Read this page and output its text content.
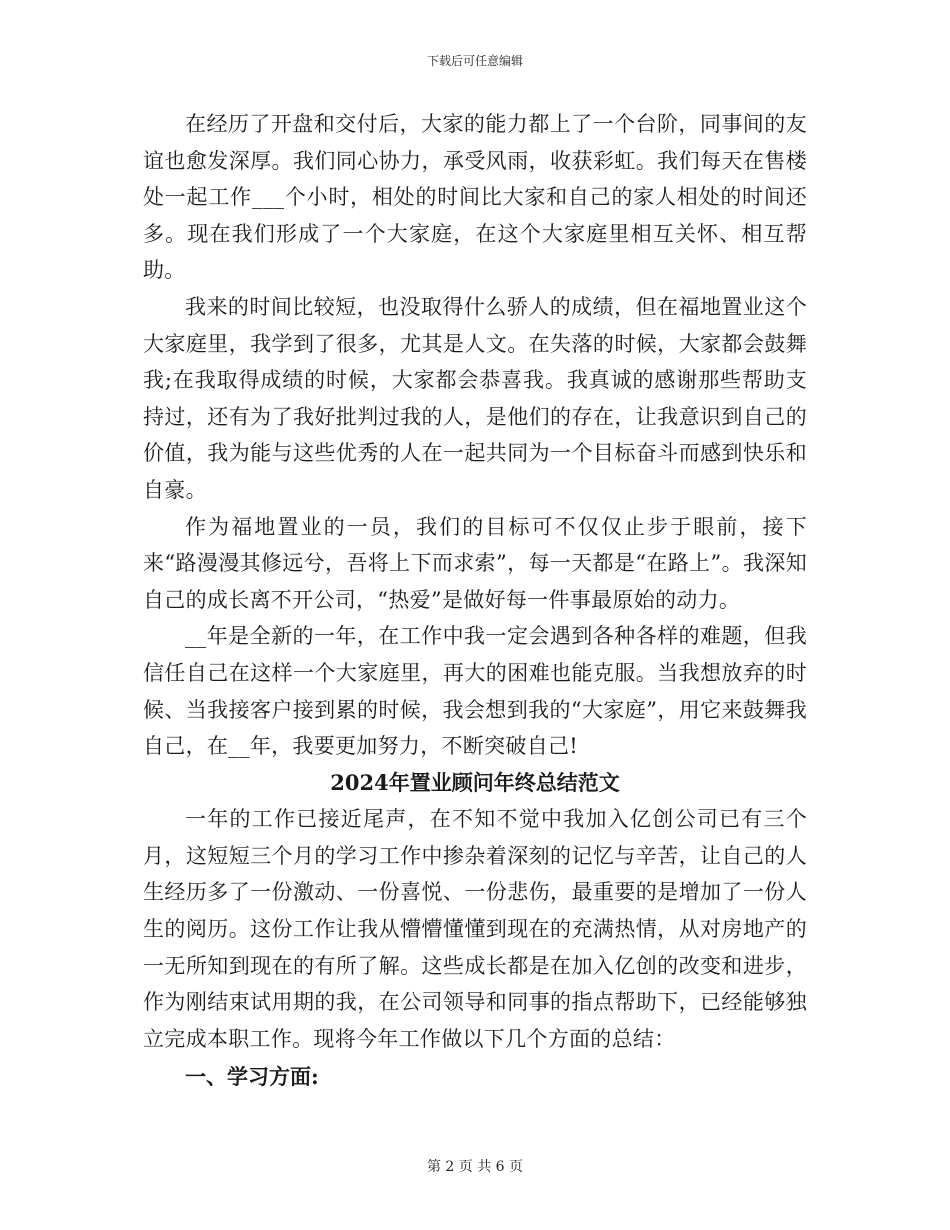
下载后可任意编辑

在经历了开盘和交付后，大家的能力都上了一个台阶，同事间的友谊也愈发深厚。我们同心协力，承受风雨，收获彩虹。我们每天在售楼处一起工作___个小时，相处的时间比大家和自己的家人相处的时间还多。现在我们形成了一个大家庭，在这个大家庭里相互关怀、相互帮助。

我来的时间比较短，也没取得什么骄人的成绩，但在福地置业这个大家庭里，我学到了很多，尤其是人文。在失落的时候，大家都会鼓舞我;在我取得成绩的时候，大家都会恭喜我。我真诚的感谢那些帮助支持过，还有为了我好批判过我的人，是他们的存在，让我意识到自己的价值，我为能与这些优秀的人在一起共同为一个目标奋斗而感到快乐和自豪。

作为福地置业的一员，我们的目标可不仅仅止步于眼前，接下来“路漫漫其修远兮，吾将上下而求索”，每一天都是“在路上”。我深知自己的成长离不开公司，“热爱”是做好每一件事最原始的动力。

__年是全新的一年，在工作中我一定会遇到各种各样的难题，但我信任自己在这样一个大家庭里，再大的困难也能克服。当我想放弃的时候、当我接客户接到累的时候，我会想到我的“大家庭”，用它来鼓舞我自己，在__年，我要更加努力，不断突破自己!

2024年置业顾问年终总结范文

一年的工作已接近尾声，在不知不觉中我加入亿创公司已有三个月，这短短三个月的学习工作中掺杂着深刻的记忆与辛苦，让自己的人生经历多了一份激动、一份喜悦、一份悲伤，最重要的是增加了一份人生的阅历。这份工作让我从懵懵懂懂到现在的充满热情，从对房地产的一无所知到现在的有所了解。这些成长都是在加入亿创的改变和进步，作为刚结束试用期的我，在公司领导和同事的指点帮助下，已经能够独立完成本职工作。现将今年工作做以下几个方面的总结：

一、学习方面:

第 2 页 共 6 页
